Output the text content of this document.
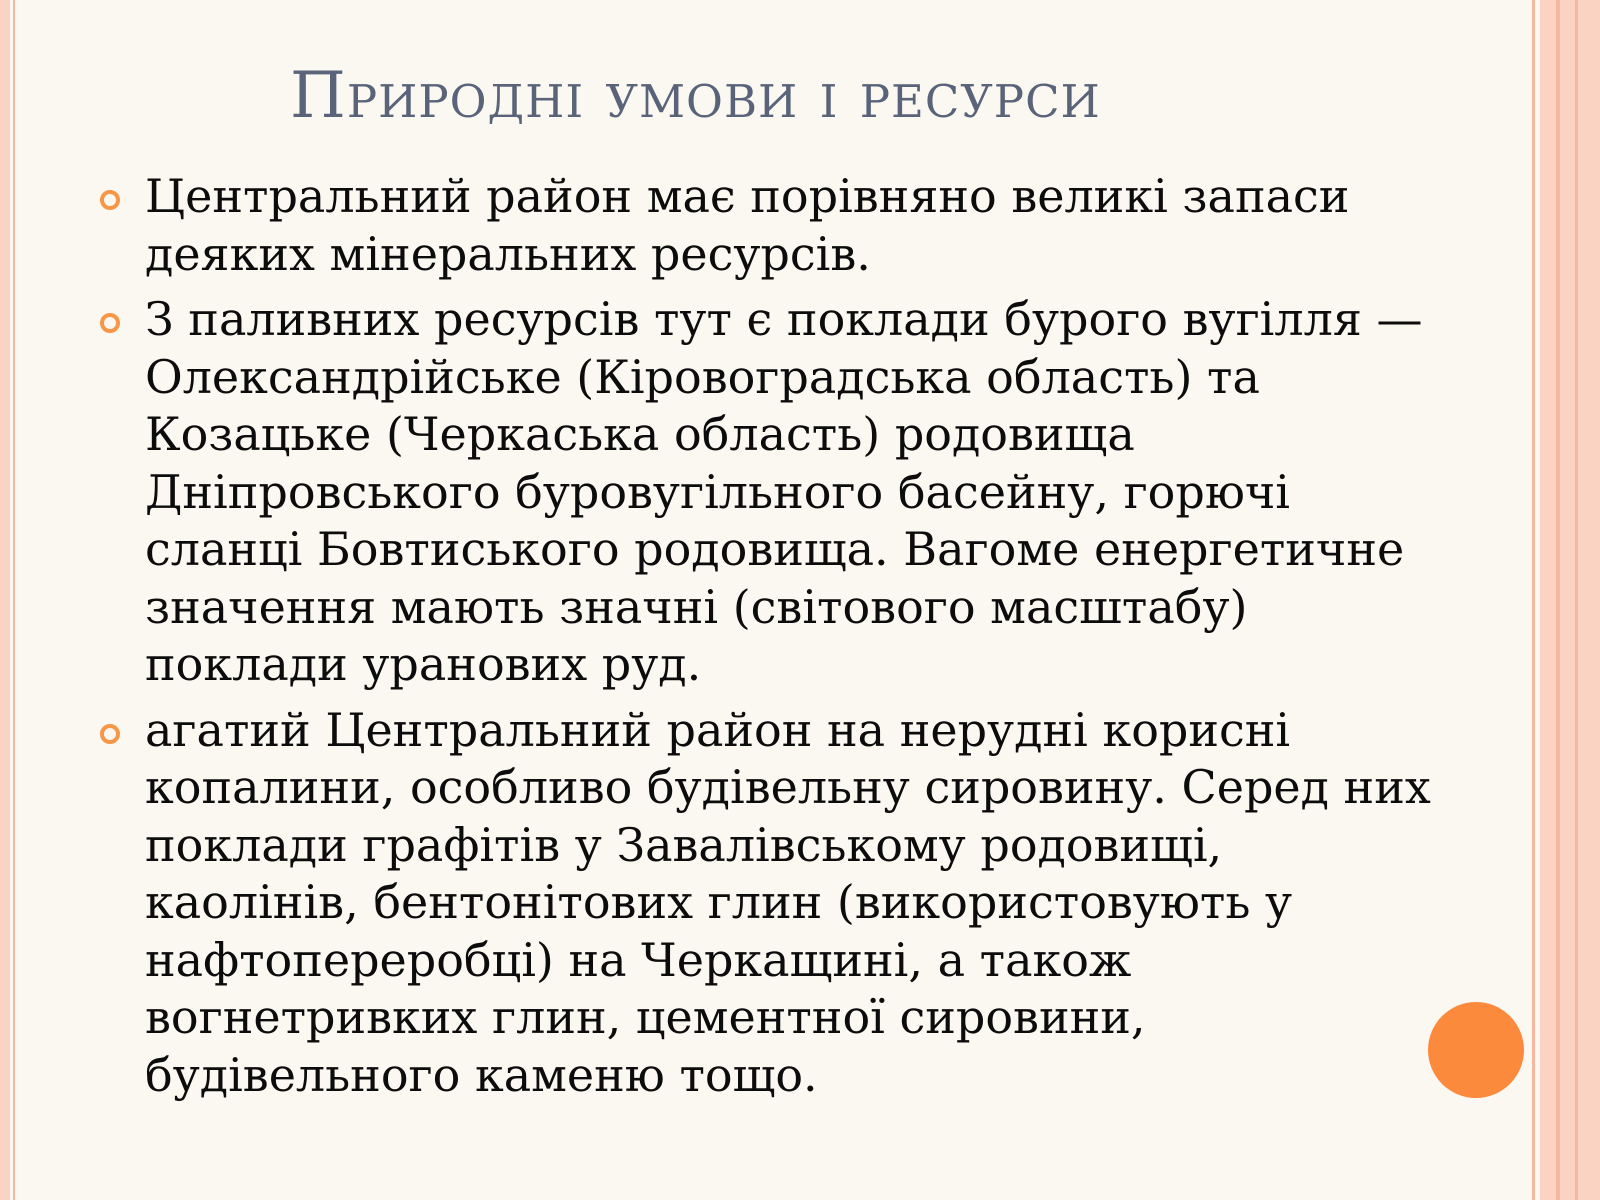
Природні умови і ресурси
Центральний район має порівняно великі запаси
деяких мінеральних ресурсів.
З паливних ресурсів тут є поклади бурого вугілля —
Олександрійське (Кіровоградська область) та
Козацьке (Черкаська область) родовища
Дніпровського буровугільного басейну, горючі
сланці Бовтиського родовища. Вагоме енергетичне
значення мають значні (світового масштабу)
поклади уранових руд.
агатий Центральний район на нерудні корисні
копалини, особливо будівельну сировину. Серед них
поклади графітів у Завалівському родовищі,
каолінів, бентонітових глин (використовують у
нафтопереробці) на Черкащині, а також
вогнетривких глин, цементної сировини,
будівельного каменю тощо.
